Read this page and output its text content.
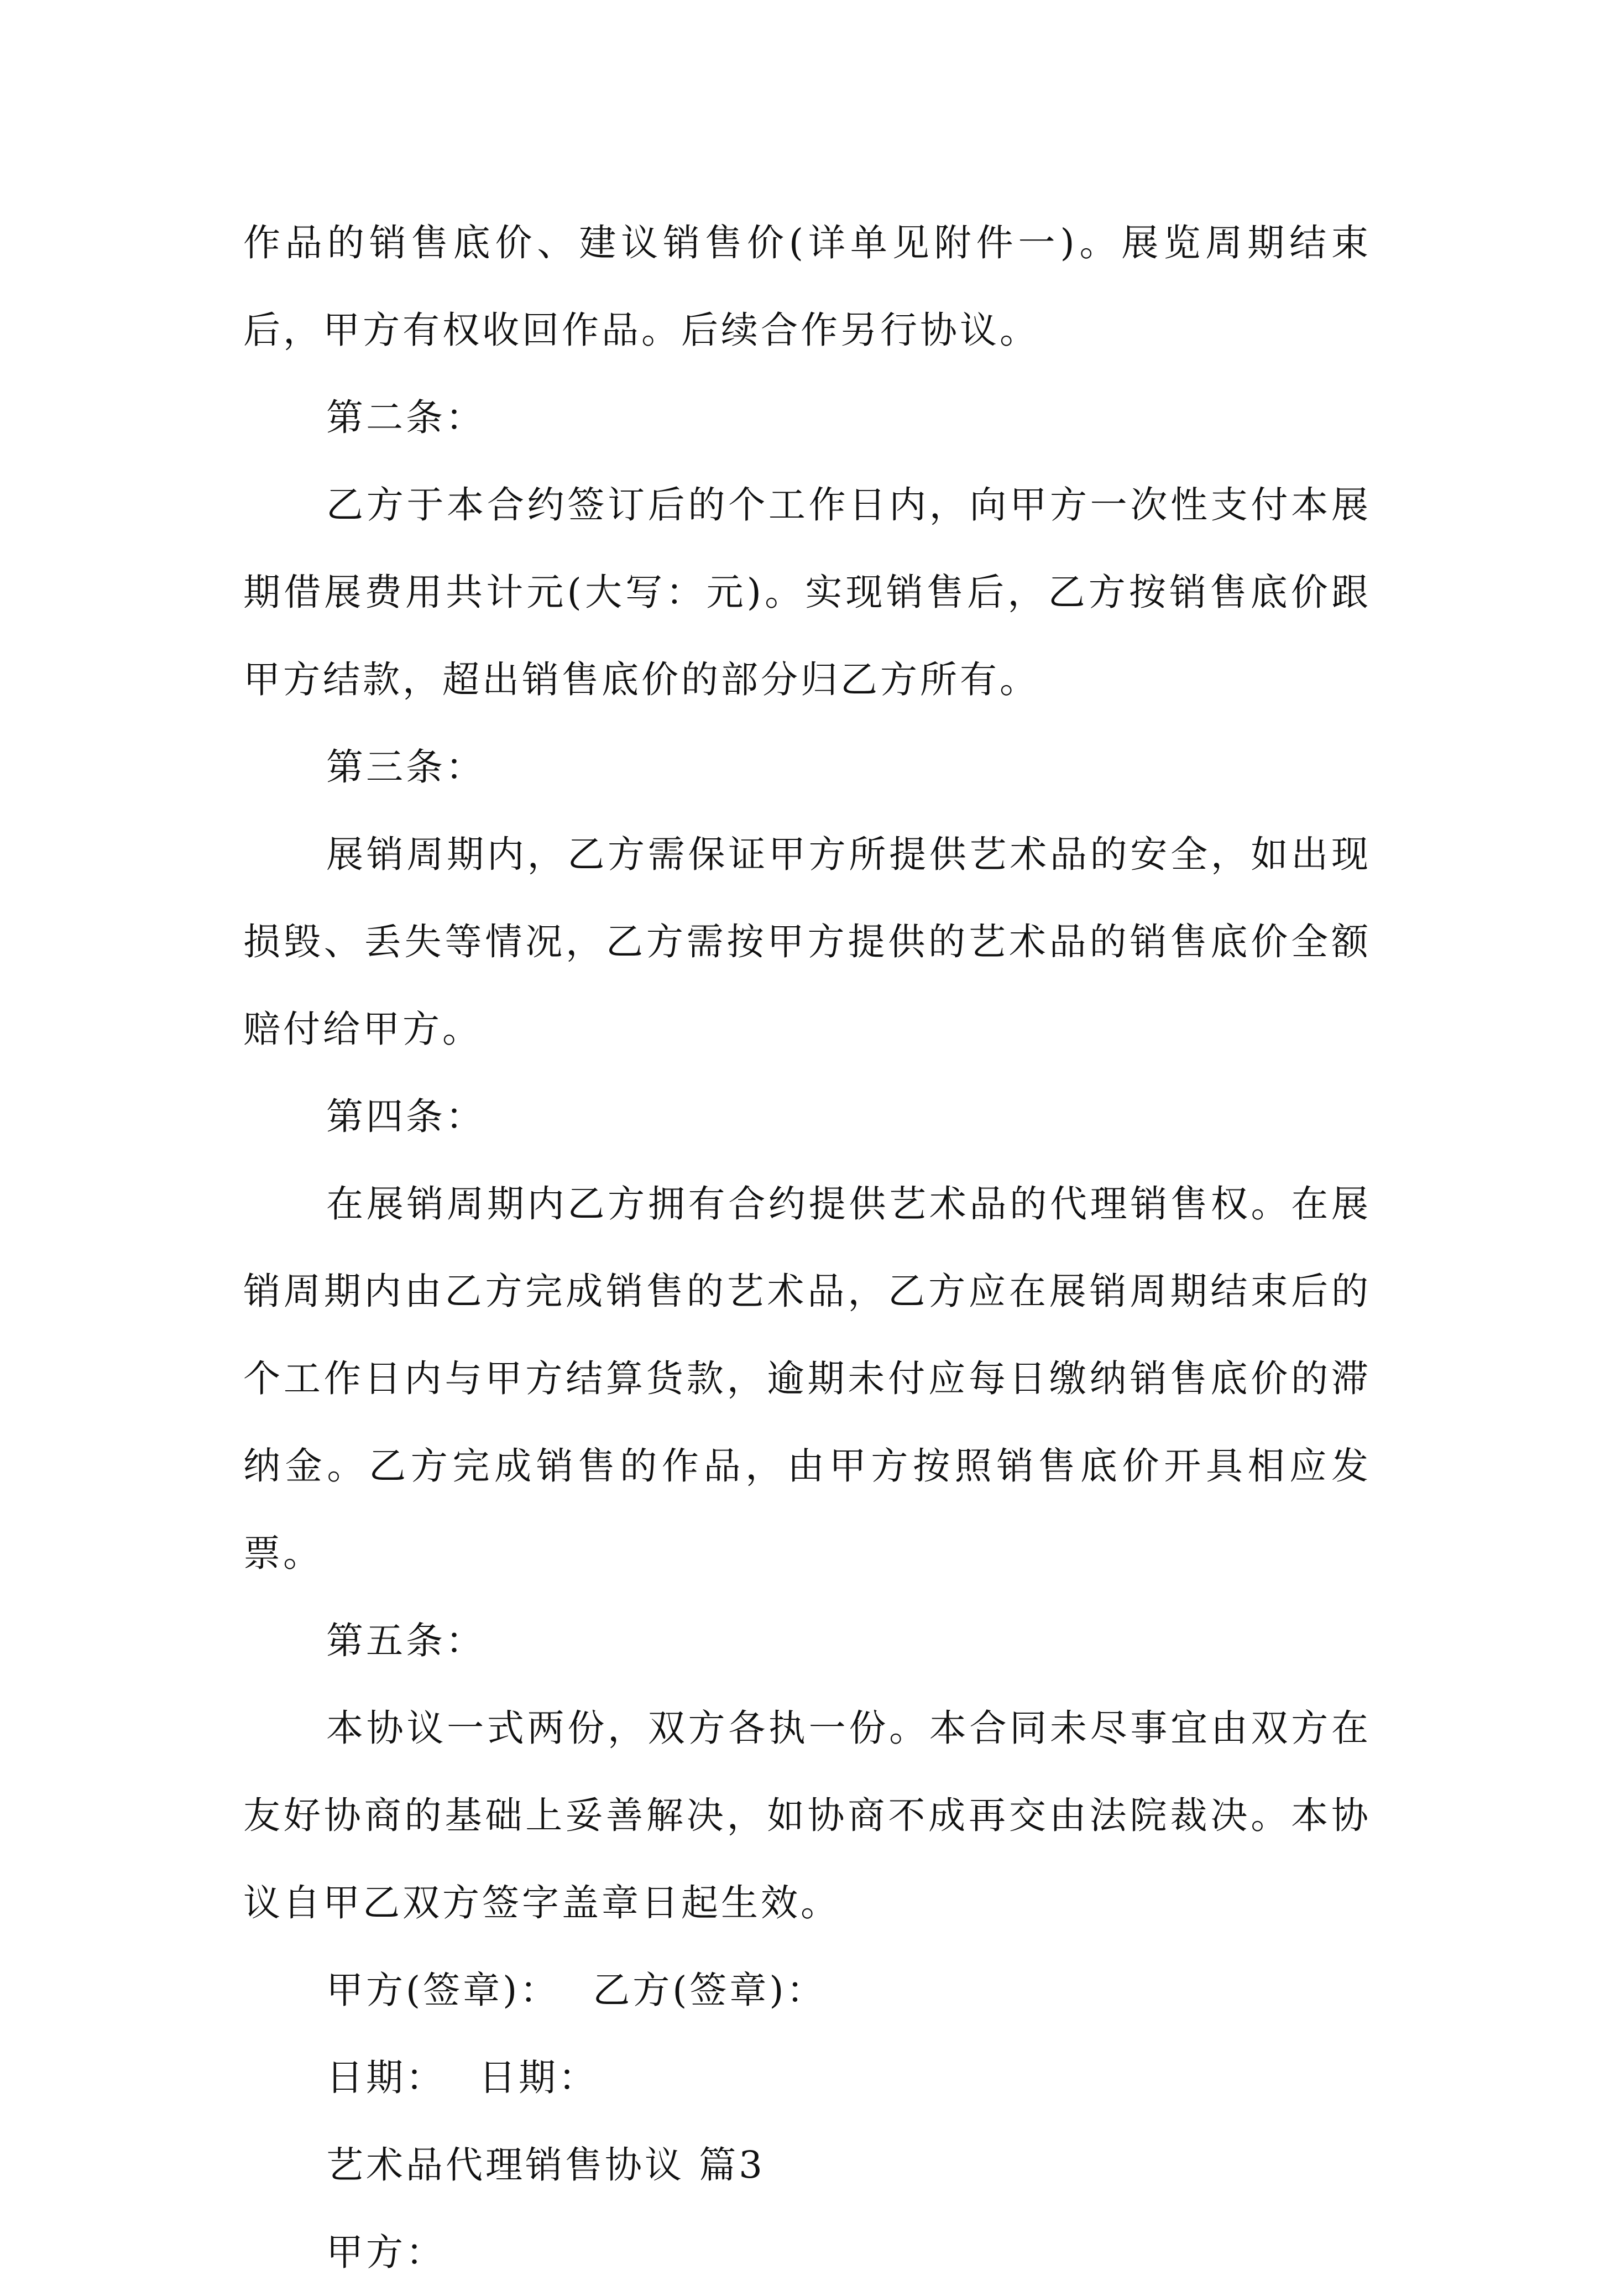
作品的销售底价、建议销售价(详单见附件一)。展览周期结束后，甲方有权收回作品。后续合作另行协议。

第二条：

乙方于本合约签订后的个工作日内，向甲方一次性支付本展期借展费用共计元(大写：元)。实现销售后，乙方按销售底价跟甲方结款，超出销售底价的部分归乙方所有。

第三条：

展销周期内，乙方需保证甲方所提供艺术品的安全，如出现损毁、丢失等情况，乙方需按甲方提供的艺术品的销售底价全额赔付给甲方。

第四条：

在展销周期内乙方拥有合约提供艺术品的代理销售权。在展销周期内由乙方完成销售的艺术品，乙方应在展销周期结束后的个工作日内与甲方结算货款，逾期未付应每日缴纳销售底价的滞纳金。乙方完成销售的作品，由甲方按照销售底价开具相应发票。

第五条：

本协议一式两份，双方各执一份。本合同未尽事宜由双方在友好协商的基础上妥善解决，如协商不成再交由法院裁决。本协议自甲乙双方签字盖章日起生效。

甲方(签章)： 乙方(签章)：

日期： 日期：

艺术品代理销售协议 篇3

甲方：
